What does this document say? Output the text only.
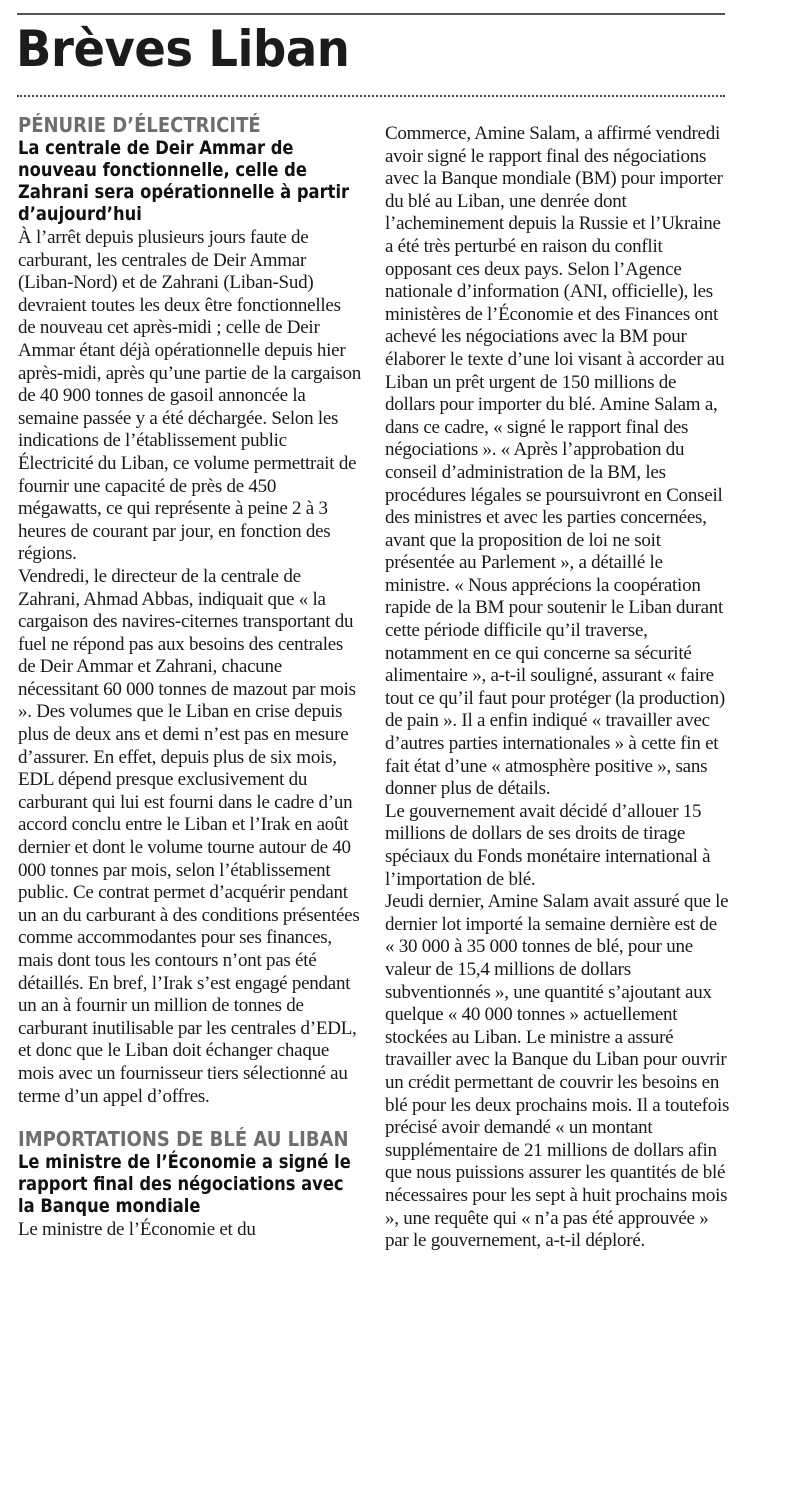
Brèves Liban
PÉNURIE D’ÉLECTRICITÉ
La centrale de Deir Ammar de nouveau fonctionnelle, celle de Zahrani sera opérationnelle à partir d’aujourd’hui

À l’arrêt depuis plusieurs jours faute de carburant, les centrales de Deir Ammar (Liban-Nord) et de Zahrani (Liban-Sud) devraient toutes les deux être fonctionnelles de nouveau cet après-midi ; celle de Deir Ammar étant déjà opérationnelle depuis hier après-midi, après qu’une partie de la cargaison de 40 900 tonnes de gasoil annoncée la semaine passée y a été déchargée. Selon les indications de l’établissement public Électricité du Liban, ce volume permettrait de fournir une capacité de près de 450 mégawatts, ce qui représente à peine 2 à 3 heures de courant par jour, en fonction des régions.

Vendredi, le directeur de la centrale de Zahrani, Ahmad Abbas, indiquait que « la cargaison des navires-citernes transportant du fuel ne répond pas aux besoins des centrales de Deir Ammar et Zahrani, chacune nécessitant 60 000 tonnes de mazout par mois ». Des volumes que le Liban en crise depuis plus de deux ans et demi n’est pas en mesure d’assurer. En effet, depuis plus de six mois, EDL dépend presque exclusivement du carburant qui lui est fourni dans le cadre d’un accord conclu entre le Liban et l’Irak en août dernier et dont le volume tourne autour de 40 000 tonnes par mois, selon l’établissement public. Ce contrat permet d’acquérir pendant un an du carburant à des conditions présentées comme accommodantes pour ses finances, mais dont tous les contours n’ont pas été détaillés. En bref, l’Irak s’est engagé pendant un an à fournir un million de tonnes de carburant inutilisable par les centrales d’EDL, et donc que le Liban doit échanger chaque mois avec un fournisseur tiers sélectionné au terme d’un appel d’offres.

IMPORTATIONS DE BLÉ AU LIBAN
Le ministre de l’Économie a signé le rapport final des négociations avec la Banque mondiale

Le ministre de l’Économie et du

Commerce, Amine Salam, a affirmé vendredi avoir signé le rapport final des négociations avec la Banque mondiale (BM) pour importer du blé au Liban, une denrée dont l’acheminement depuis la Russie et l’Ukraine a été très perturbé en raison du conflit opposant ces deux pays. Selon l’Agence nationale d’information (ANI, officielle), les ministères de l’Économie et des Finances ont achevé les négociations avec la BM pour élaborer le texte d’une loi visant à accorder au Liban un prêt urgent de 150 millions de dollars pour importer du blé. Amine Salam a, dans ce cadre, « signé le rapport final des négociations ». « Après l’approbation du conseil d’administration de la BM, les procédures légales se poursuivront en Conseil des ministres et avec les parties concernées, avant que la proposition de loi ne soit présentée au Parlement », a détaillé le ministre. « Nous apprécions la coopération rapide de la BM pour soutenir le Liban durant cette période difficile qu’il traverse, notamment en ce qui concerne sa sécurité alimentaire », a-t-il souligné, assurant « faire tout ce qu’il faut pour protéger (la production) de pain ». Il a enfin indiqué « travailler avec d’autres parties internationales » à cette fin et fait état d’une « atmosphère positive », sans donner plus de détails.

Le gouvernement avait décidé d’allouer 15 millions de dollars de ses droits de tirage spéciaux du Fonds monétaire international à l’importation de blé.

Jeudi dernier, Amine Salam avait assuré que le dernier lot importé la semaine dernière est de « 30 000 à 35 000 tonnes de blé, pour une valeur de 15,4 millions de dollars subventionnés », une quantité s’ajoutant aux quelque « 40 000 tonnes » actuellement stockées au Liban. Le ministre a assuré travailler avec la Banque du Liban pour ouvrir un crédit permettant de couvrir les besoins en blé pour les deux prochains mois. Il a toutefois précisé avoir demandé « un montant supplémentaire de 21 millions de dollars afin que nous puissions assurer les quantités de blé nécessaires pour les sept à huit prochains mois », une requête qui « n’a pas été approuvée » par le gouvernement, a-t-il déploré.
